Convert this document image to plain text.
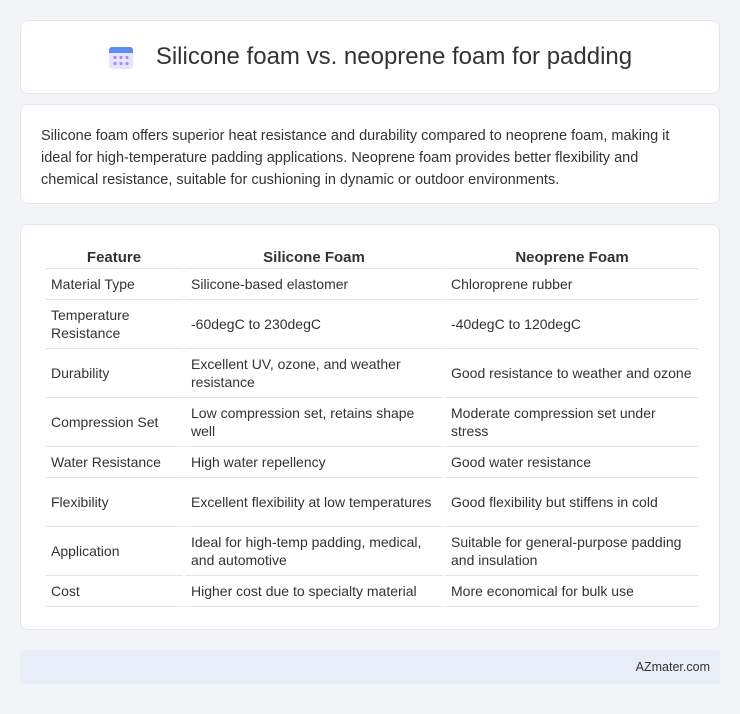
Silicone foam vs. neoprene foam for padding

Silicone foam offers superior heat resistance and durability compared to neoprene foam, making it ideal for high-temperature padding applications. Neoprene foam provides better flexibility and chemical resistance, suitable for cushioning in dynamic or outdoor environments.

Feature	Silicone Foam	Neoprene Foam
Material Type	Silicone-based elastomer	Chloroprene rubber
Temperature Resistance	-60degC to 230degC	-40degC to 120degC
Durability	Excellent UV, ozone, and weather resistance	Good resistance to weather and ozone
Compression Set	Low compression set, retains shape well	Moderate compression set under stress
Water Resistance	High water repellency	Good water resistance
Flexibility	Excellent flexibility at low temperatures	Good flexibility but stiffens in cold
Application	Ideal for high-temp padding, medical, and automotive	Suitable for general-purpose padding and insulation
Cost	Higher cost due to specialty material	More economical for bulk use
AZmater.com
